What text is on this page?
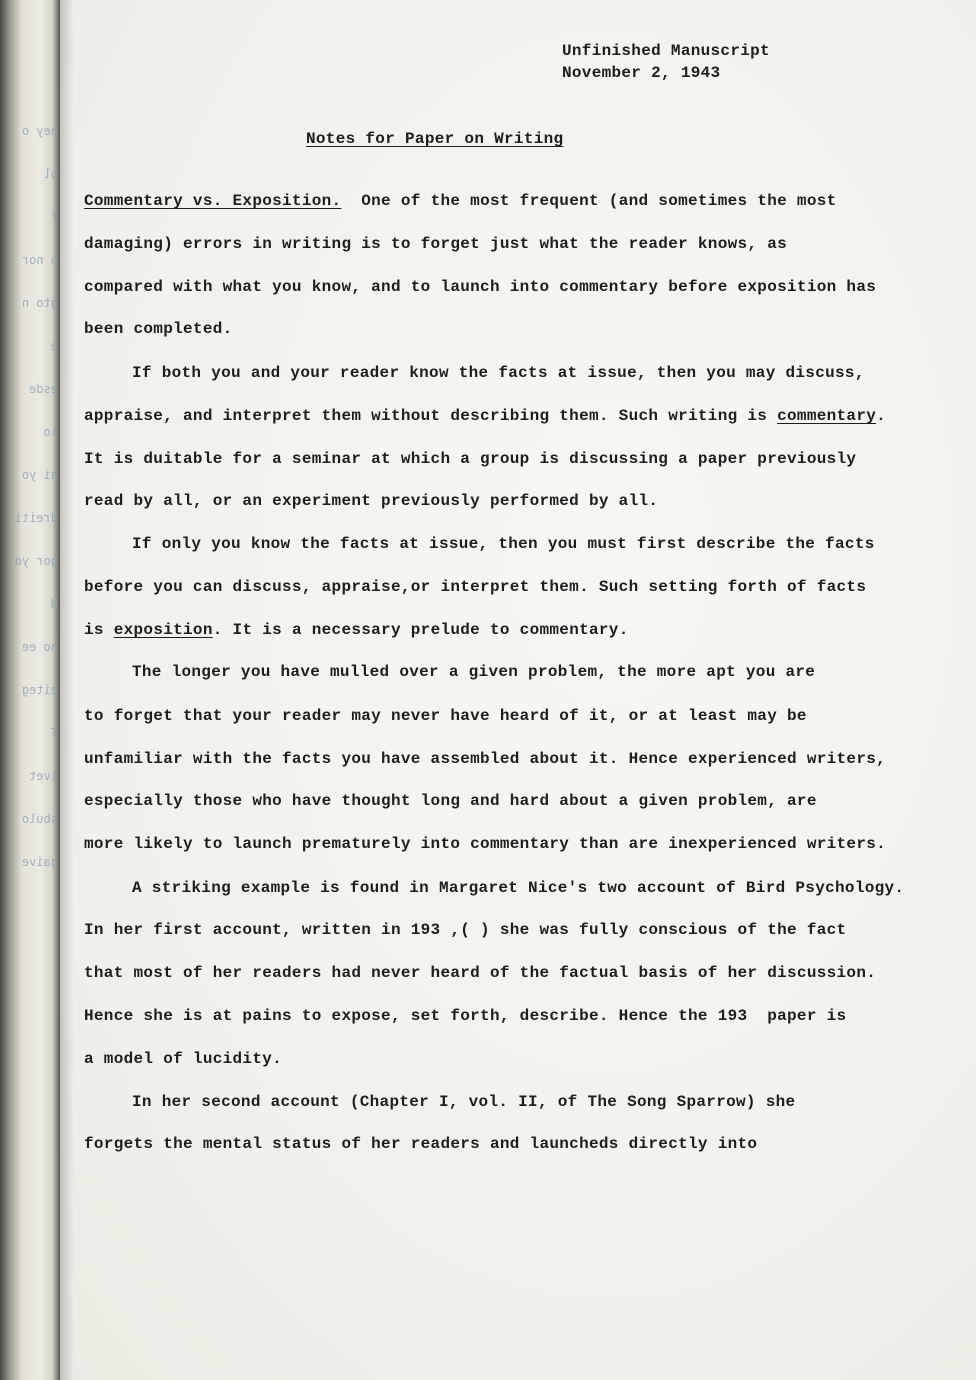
hey o
ol
f
o nor
gto n
e
esde
io
ni yo
dreiti
gor yo
H
no ee
eiteg
T
ivet
sbulo
gaive
Unfinished Manuscript
November 2, 1943
Notes for Paper on Writing
Commentary vs. Exposition.  One of the most frequent (and sometimes the most
damaging) errors in writing is to forget just what the reader knows, as
compared with what you know, and to launch into commentary before exposition has
been completed.
If both you and your reader know the facts at issue, then you may discuss,
appraise, and interpret them without describing them. Such writing is commentary.
It is duitable for a seminar at which a group is discussing a paper previously
read by all, or an experiment previously performed by all.
If only you know the facts at issue, then you must first describe the facts
before you can discuss, appraise,or interpret them. Such setting forth of facts
is exposition. It is a necessary prelude to commentary.
The longer you have mulled over a given problem, the more apt you are
to forget that your reader may never have heard of it, or at least may be
unfamiliar with the facts you have assembled about it. Hence experienced writers,
especially those who have thought long and hard about a given problem, are
more likely to launch prematurely into commentary than are inexperienced writers.
A striking example is found in Margaret Nice's two account of Bird Psychology.
In her first account, written in 193 ,( ) she was fully conscious of the fact
that most of her readers had never heard of the factual basis of her discussion.
Hence she is at pains to expose, set forth, describe. Hence the 193  paper is
a model of lucidity.
In her second account (Chapter I, vol. II, of The Song Sparrow) she
forgets the mental status of her readers and launcheds directly into
